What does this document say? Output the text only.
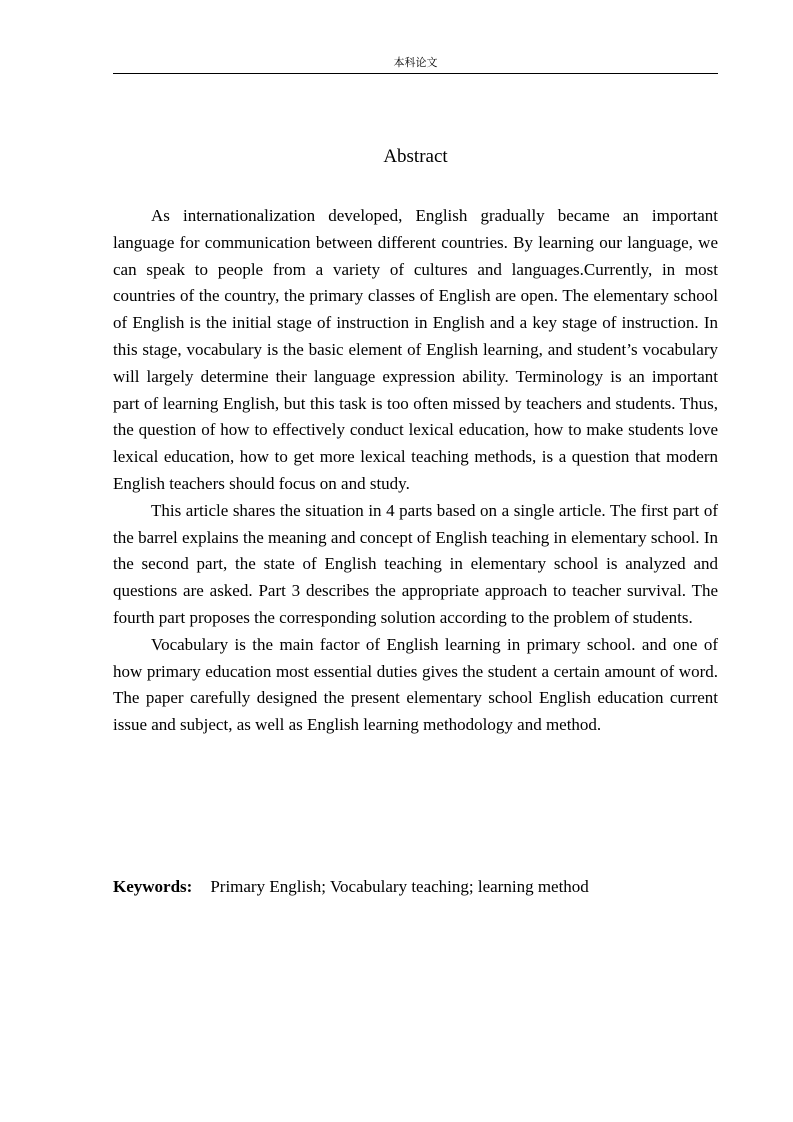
本科论文
Abstract

As internationalization developed, English gradually became an important language for communication between different countries. By learning our language, we can speak to people from a variety of cultures and languages.Currently, in most countries of the country, the primary classes of English are open. The elementary school of English is the initial stage of instruction in English and a key stage of instruction. In this stage, vocabulary is the basic element of English learning, and student’s vocabulary will largely determine their language expression ability. Terminology is an important part of learning English, but this task is too often missed by teachers and students. Thus, the question of how to effectively conduct lexical education, how to make students love lexical education, how to get more lexical teaching methods, is a question that modern English teachers should focus on and study.

This article shares the situation in 4 parts based on a single article. The first part of the barrel explains the meaning and concept of English teaching in elementary school. In the second part, the state of English teaching in elementary school is analyzed and questions are asked. Part 3 describes the appropriate approach to teacher survival. The fourth part proposes the corresponding solution according to the problem of students.

Vocabulary is the main factor of English learning in primary school. and one of how primary education most essential duties gives the student a certain amount of word. The paper carefully designed the present elementary school English education current issue and subject, as well as English learning methodology and method.

Keywords: Primary English; Vocabulary teaching; learning method
